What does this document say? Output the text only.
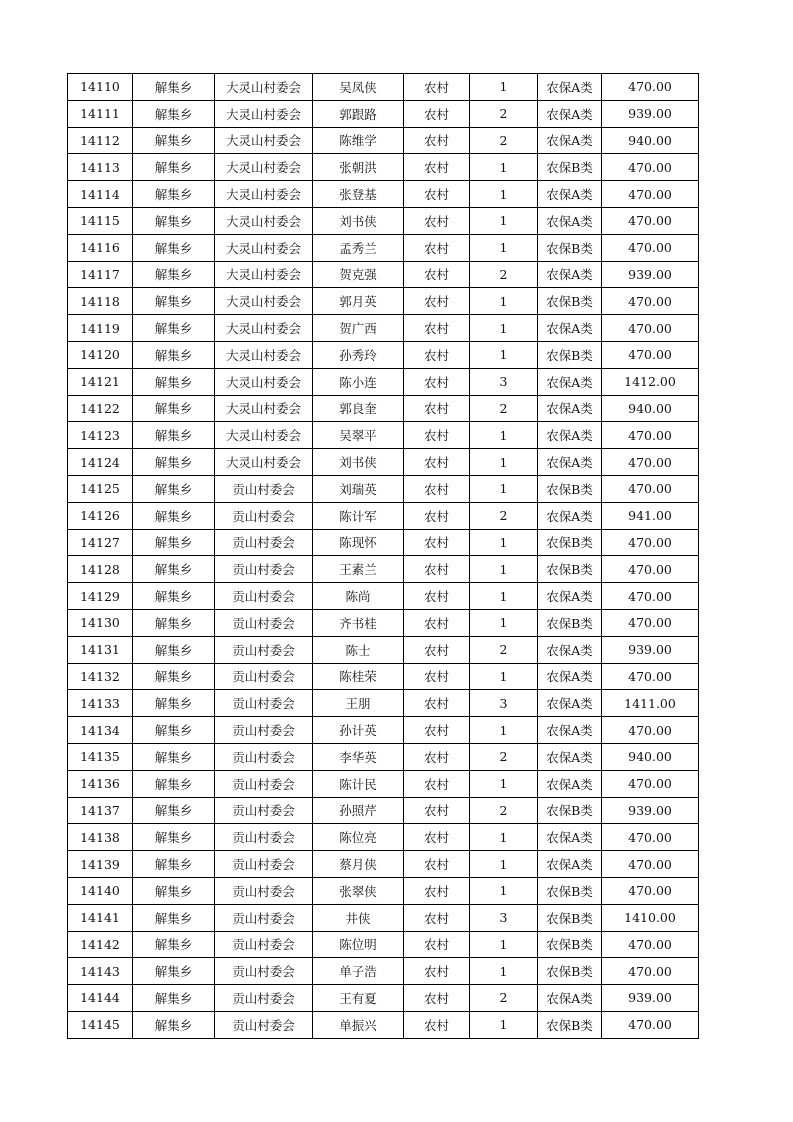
14110	解集乡	大灵山村委会	吴凤侠	农村	1	农保A类	470.00
14111	解集乡	大灵山村委会	郭跟路	农村	2	农保A类	939.00
14112	解集乡	大灵山村委会	陈维学	农村	2	农保A类	940.00
14113	解集乡	大灵山村委会	张朝洪	农村	1	农保B类	470.00
14114	解集乡	大灵山村委会	张登基	农村	1	农保A类	470.00
14115	解集乡	大灵山村委会	刘书侠	农村	1	农保A类	470.00
14116	解集乡	大灵山村委会	孟秀兰	农村	1	农保B类	470.00
14117	解集乡	大灵山村委会	贺克强	农村	2	农保A类	939.00
14118	解集乡	大灵山村委会	郭月英	农村	1	农保B类	470.00
14119	解集乡	大灵山村委会	贺广西	农村	1	农保A类	470.00
14120	解集乡	大灵山村委会	孙秀玲	农村	1	农保B类	470.00
14121	解集乡	大灵山村委会	陈小连	农村	3	农保A类	1412.00
14122	解集乡	大灵山村委会	郭良奎	农村	2	农保A类	940.00
14123	解集乡	大灵山村委会	吴翠平	农村	1	农保A类	470.00
14124	解集乡	大灵山村委会	刘书侠	农村	1	农保A类	470.00
14125	解集乡	贡山村委会	刘瑞英	农村	1	农保B类	470.00
14126	解集乡	贡山村委会	陈计军	农村	2	农保A类	941.00
14127	解集乡	贡山村委会	陈现怀	农村	1	农保B类	470.00
14128	解集乡	贡山村委会	王素兰	农村	1	农保B类	470.00
14129	解集乡	贡山村委会	陈尚	农村	1	农保A类	470.00
14130	解集乡	贡山村委会	齐书桂	农村	1	农保B类	470.00
14131	解集乡	贡山村委会	陈士	农村	2	农保A类	939.00
14132	解集乡	贡山村委会	陈桂荣	农村	1	农保A类	470.00
14133	解集乡	贡山村委会	王朋	农村	3	农保A类	1411.00
14134	解集乡	贡山村委会	孙计英	农村	1	农保A类	470.00
14135	解集乡	贡山村委会	李华英	农村	2	农保A类	940.00
14136	解集乡	贡山村委会	陈计民	农村	1	农保A类	470.00
14137	解集乡	贡山村委会	孙照芹	农村	2	农保B类	939.00
14138	解集乡	贡山村委会	陈位亮	农村	1	农保A类	470.00
14139	解集乡	贡山村委会	蔡月侠	农村	1	农保A类	470.00
14140	解集乡	贡山村委会	张翠侠	农村	1	农保B类	470.00
14141	解集乡	贡山村委会	井侠	农村	3	农保B类	1410.00
14142	解集乡	贡山村委会	陈位明	农村	1	农保B类	470.00
14143	解集乡	贡山村委会	单子浩	农村	1	农保B类	470.00
14144	解集乡	贡山村委会	王有夏	农村	2	农保A类	939.00
14145	解集乡	贡山村委会	单振兴	农村	1	农保B类	470.00
